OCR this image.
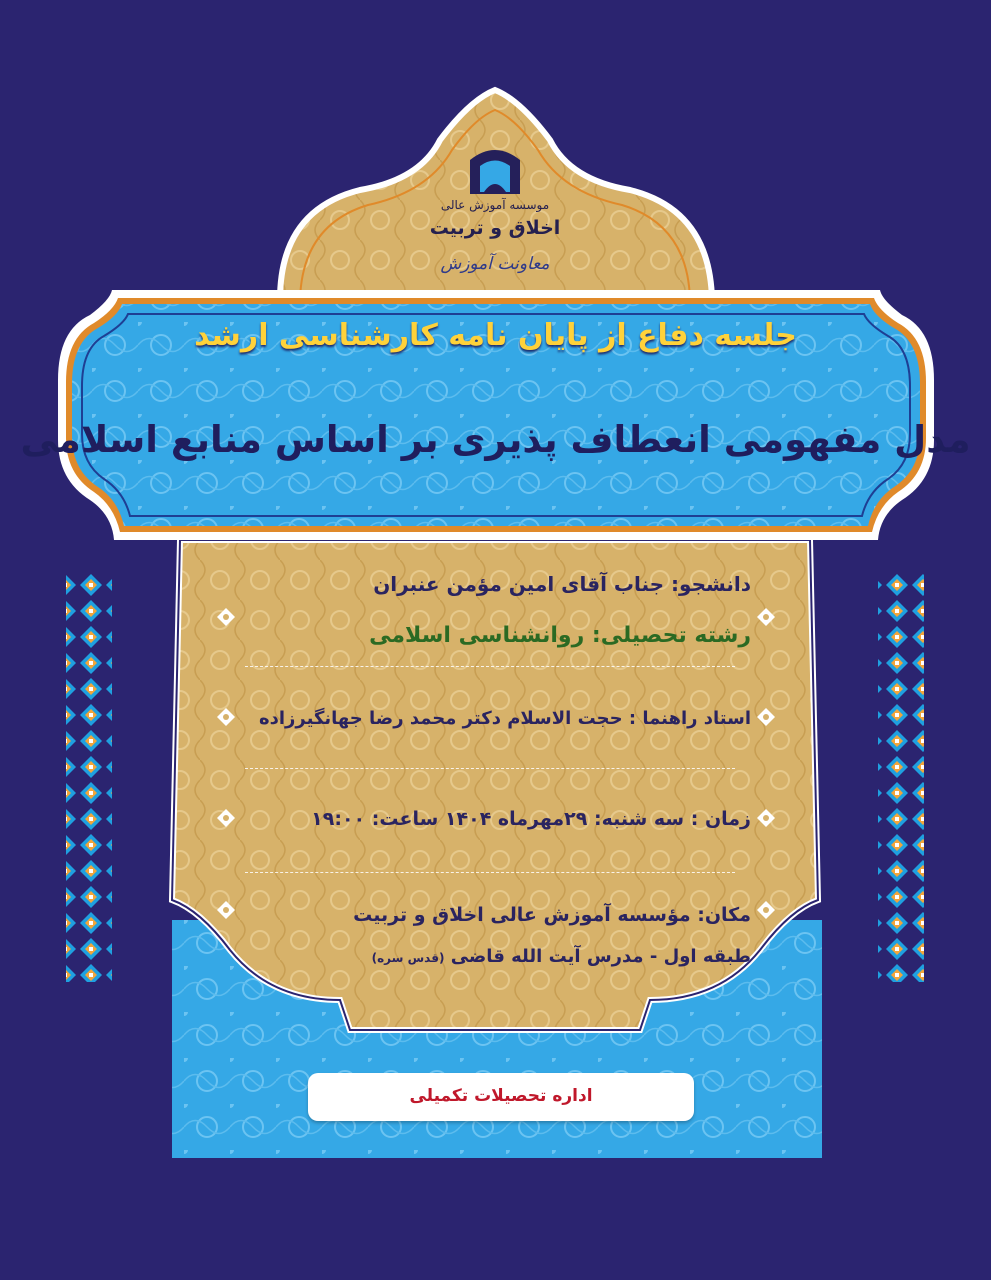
موسسه آموزش عالی
اخلاق و تربیت
معاونت آموزش
جلسه دفاع از پایان نامه کارشناسی ارشد
مدل مفهومی انعطاف پذیری بر اساس منابع اسلامی
دانشجو: جناب آقای امین مؤمن عنبران
رشته تحصیلی: روانشناسی اسلامی
استاد راهنما : حجت الاسلام دکتر محمد رضا جهانگیرزاده
زمان : سه شنبه: ۲۹مهرماه ۱۴۰۴ ساعت: ۱۹:۰۰
مکان: مؤسسه آموزش عالی اخلاق و تربیت
طبقه اول - مدرس آیت الله قاضی (قدس سره)
اداره تحصیلات تکمیلی
